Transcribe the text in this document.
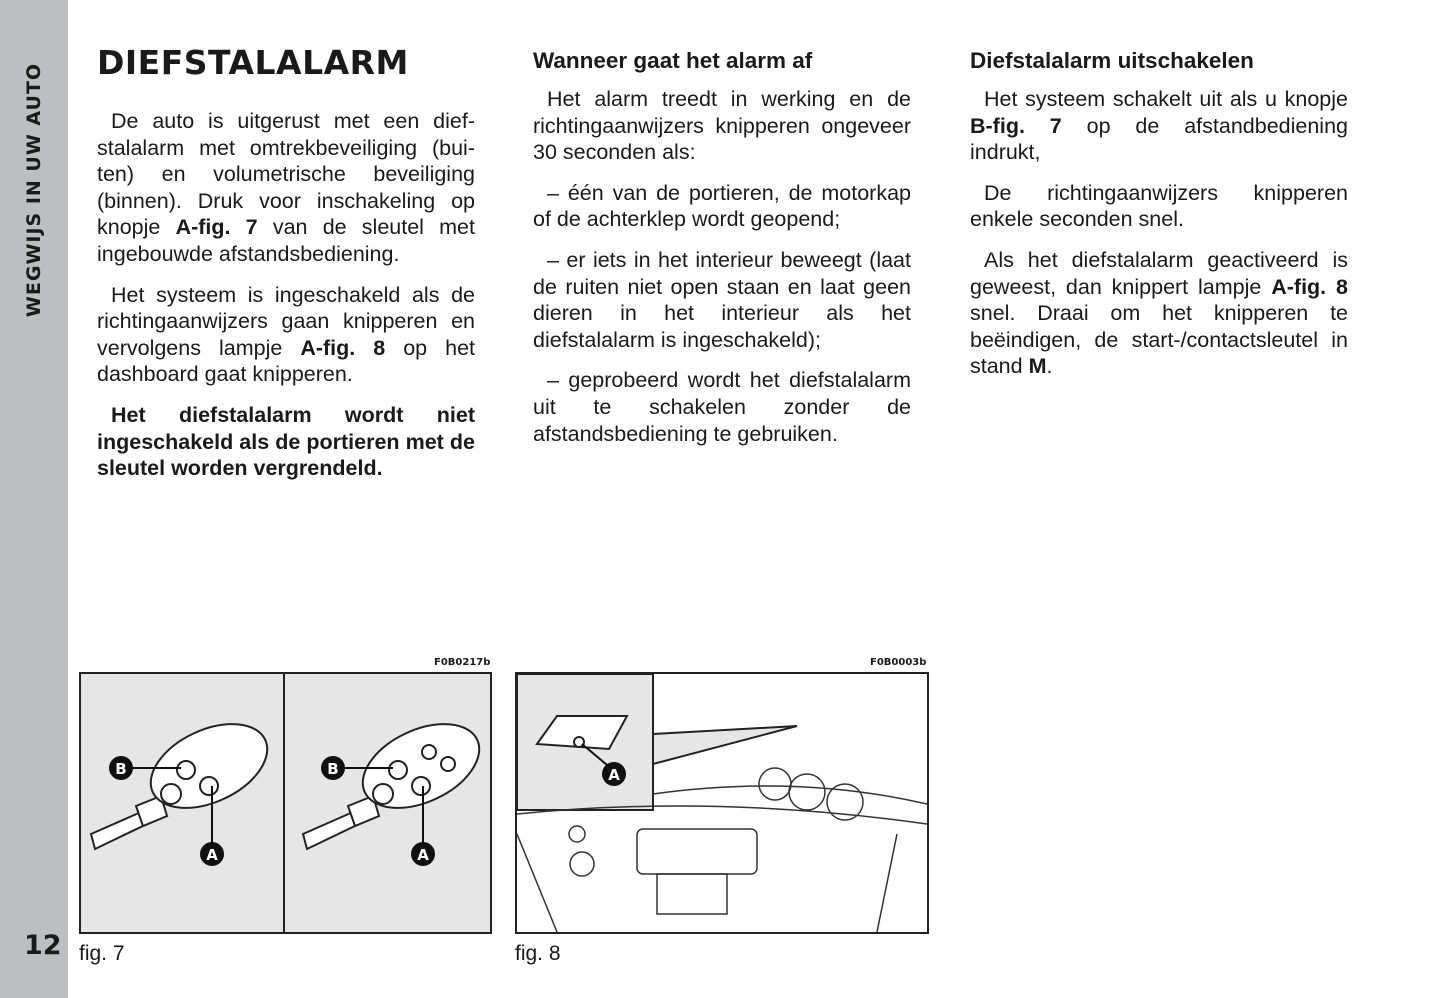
WEGWIJS IN UW AUTO
12
DIEFSTALALARM

De auto is uitgerust met een diefstalalarm met omtrekbeveiliging (buiten) en volumetrische beveiliging (binnen). Druk voor inschakeling op knopje A-fig. 7 van de sleutel met ingebouwde afstandsbediening.

Het systeem is ingeschakeld als de richtingaanwijzers gaan knipperen en vervolgens lampje A-fig. 8 op het dashboard gaat knipperen.

Het diefstalalarm wordt niet ingeschakeld als de portieren met de sleutel worden vergrendeld.

Wanneer gaat het alarm af

Het alarm treedt in werking en de richtingaanwijzers knipperen ongeveer 30 seconden als:

– één van de portieren, de motorkap of de achterklep wordt geopend;

– er iets in het interieur beweegt (laat de ruiten niet open staan en laat geen dieren in het interieur als het diefstalalarm is ingeschakeld);

– geprobeerd wordt het diefstalalarm uit te schakelen zonder de afstandsbediening te gebruiken.

Diefstalalarm uitschakelen

Het systeem schakelt uit als u knopje B-fig. 7 op de afstandbediening indrukt,

De richtingaanwijzers knipperen enkele seconden snel.

Als het diefstalalarm geactiveerd is geweest, dan knippert lampje A-fig. 8 snel. Draai om het knipperen te beëindigen, de start-/contactsleutel in stand M.

F0B0217b
B
A
B
A
fig. 7
F0B0003b
A
fig. 8
